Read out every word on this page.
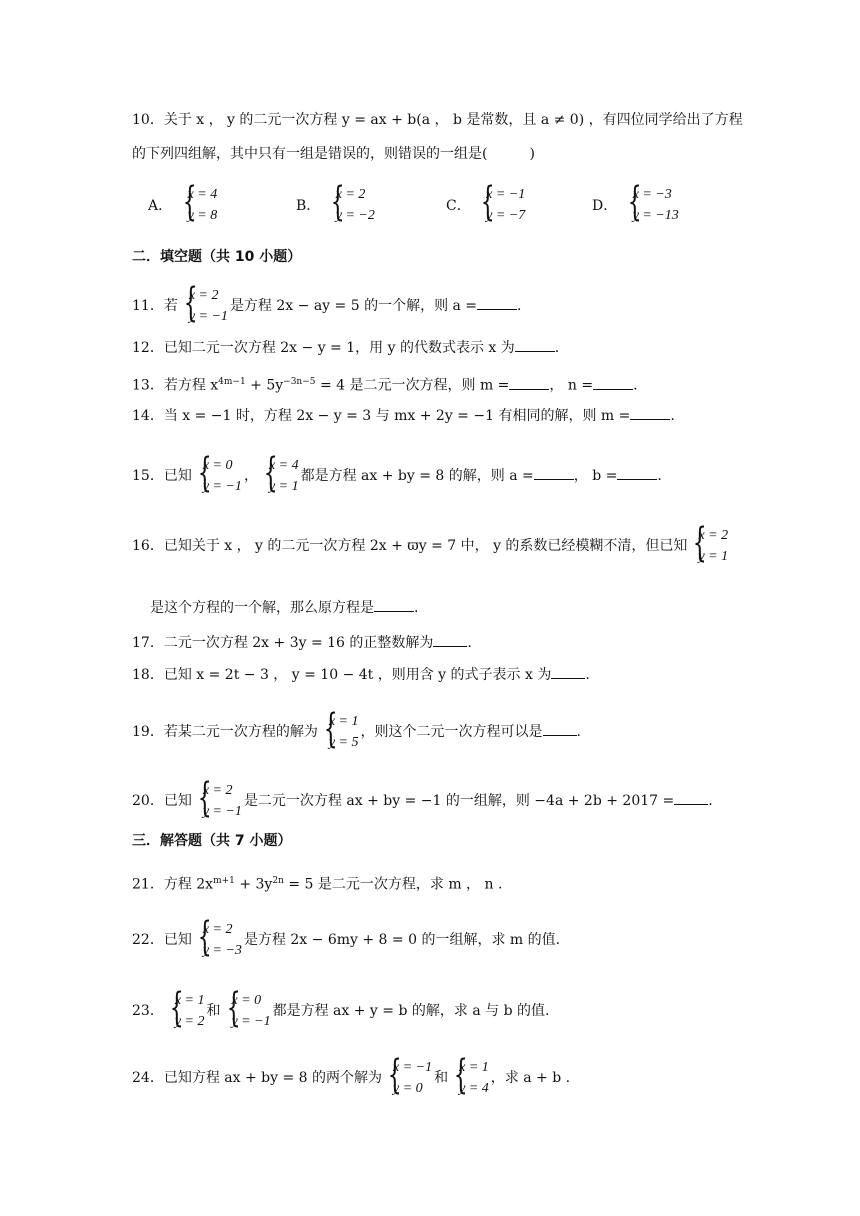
10．关于 x ， y 的二元一次方程 y = ax + b(a ， b 是常数，且 a ≠ 0) ，有四位同学给出了方程
的下列四组解，其中只有一组是错误的，则错误的一组是(　　　)
A．
{ x = 4
y = 8
B．
{ x = 2
y = −2
C．
{ x = −1
y = −7
D．
{ x = −3
y = −13
二．填空题（共 10 小题）
11．若
{ x = 2
y = −1
是方程 2x − ay = 5 的一个解，则 a =	.
12．已知二元一次方程 2x − y = 1，用 y 的代数式表示 x 为	.
13．若方程 $x^{4m-1} + 5y^{-3n-5} = 4$ 是二元一次方程，则 m =	， n =	.
14．当 x = −1 时，方程 2x − y = 3 与 mx + 2y = −1 有相同的解，则 m =	.
15．已知
{ x = 0
y = −1
，
{ x = 4
y = 1
都是方程 ax + by = 8 的解，则 a =	， b =	.
16．已知关于 x ， y 的二元一次方程 2x + ϖy = 7 中， y 的系数已经模糊不清，但已知
{ x = 2
y = 1
是这个方程的一个解，那么原方程是	.
17．二元一次方程 2x + 3y = 16 的正整数解为 .
18．已知 x = 2t − 3 ， y = 10 − 4t ，则用含 y 的式子表示 x 为 .
19．若某二元一次方程的解为
{ x = 1
y = 5
，则这个二元一次方程可以是 .
20．已知
{ x = 2
y = −1
是二元一次方程 ax + by = −1 的一组解，则 −4a + 2b + 2017 = .
三．解答题（共 7 小题）
21．方程 $2x^{m+1} + 3y^{2n} = 5$ 是二元一次方程，求 m ， n .
22．已知
{ x = 2
y = −3
是方程 2x − 6my + 8 = 0 的一组解，求 m 的值.
23．
{ x = 1
y = 2
和
{ x = 0
y = −1
都是方程 ax + y = b 的解，求 a 与 b 的值.
24．已知方程 ax + by = 8 的两个解为
{ x = −1
y = 0
和
{ x = 1
y = 4
，求 a + b .
